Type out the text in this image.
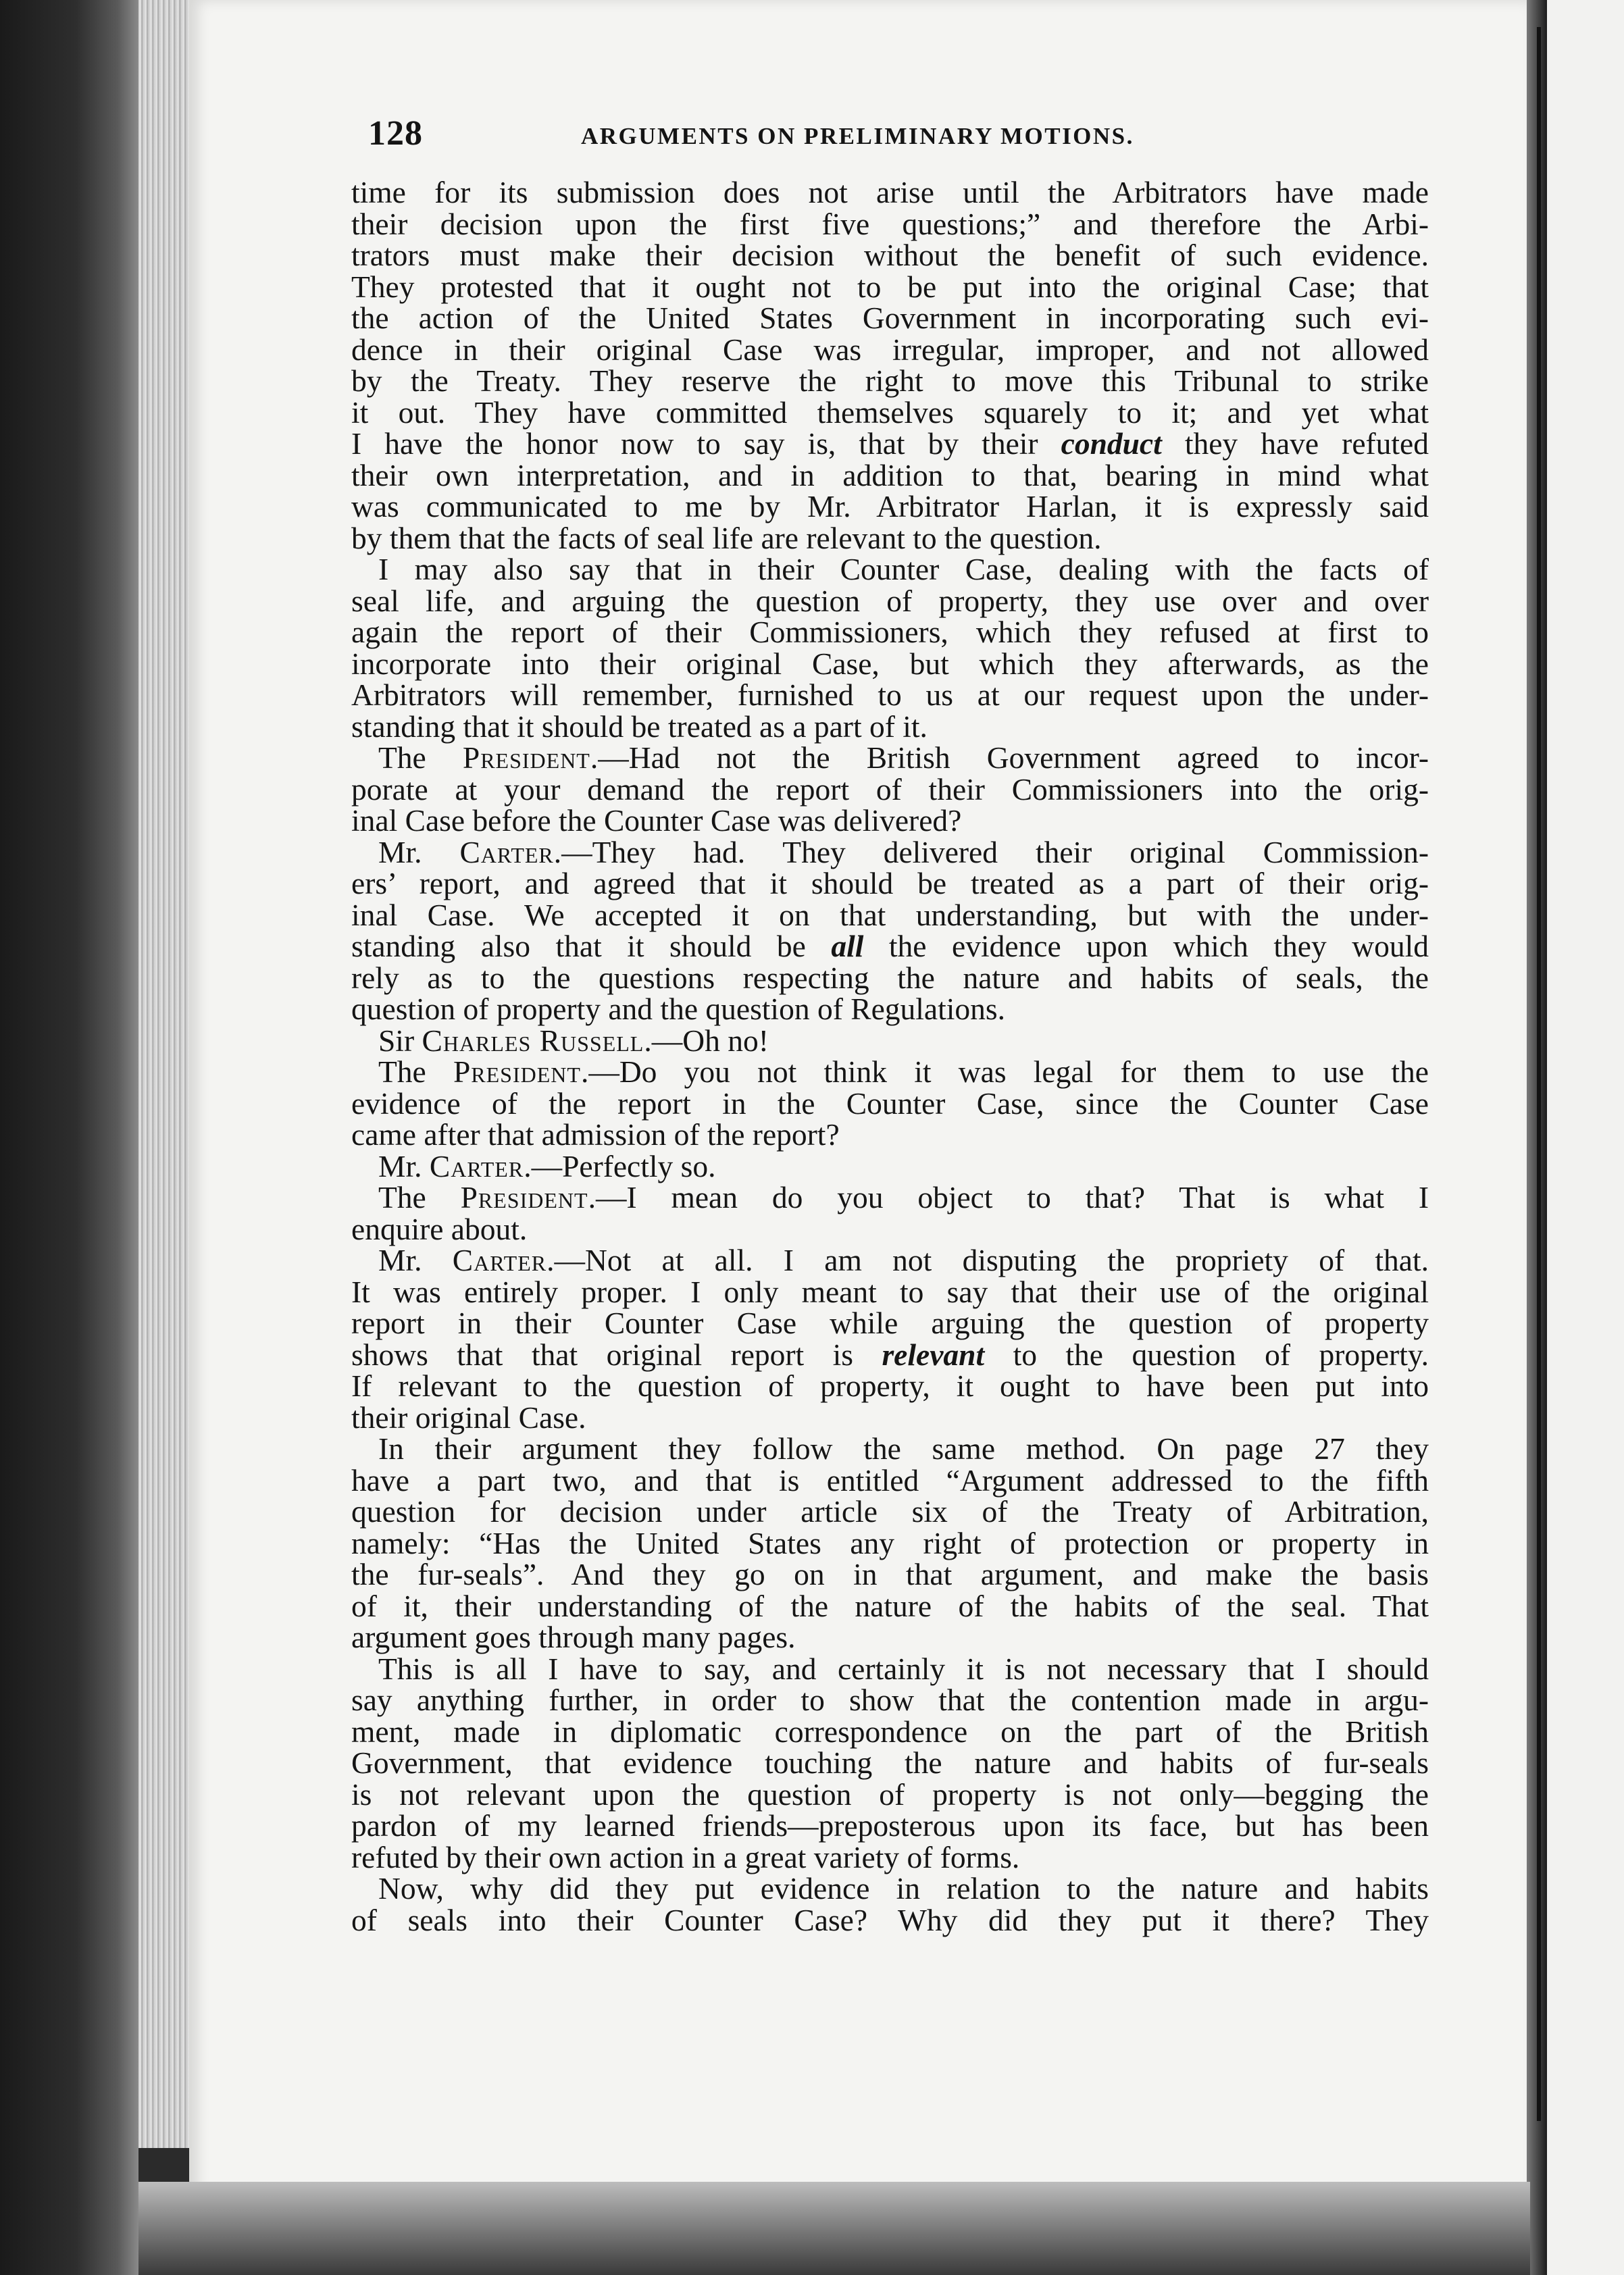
128	ARGUMENTS ON PRELIMINARY MOTIONS.
time for its submission does not arise until the Arbitrators have made
their decision upon the first five questions;” and therefore the Arbi-
trators must make their decision without the benefit of such evidence.
They protested that it ought not to be put into the original Case; that
the action of the United States Government in incorporating such evi-
dence in their original Case was irregular, improper, and not allowed
by the Treaty. They reserve the right to move this Tribunal to strike
it out. They have committed themselves squarely to it; and yet what
I have the honor now to say is, that by their conduct they have refuted
their own interpretation, and in addition to that, bearing in mind what
was communicated to me by Mr. Arbitrator Harlan, it is expressly said
by them that the facts of seal life are relevant to the question.
I may also say that in their Counter Case, dealing with the facts of
seal life, and arguing the question of property, they use over and over
again the report of their Commissioners, which they refused at first to
incorporate into their original Case, but which they afterwards, as the
Arbitrators will remember, furnished to us at our request upon the under-
standing that it should be treated as a part of it.
The President.—Had not the British Government agreed to incor-
porate at your demand the report of their Commissioners into the orig-
inal Case before the Counter Case was delivered?
Mr. Carter.—They had. They delivered their original Commission-
ers’ report, and agreed that it should be treated as a part of their orig-
inal Case. We accepted it on that understanding, but with the under-
standing also that it should be all the evidence upon which they would
rely as to the questions respecting the nature and habits of seals, the
question of property and the question of Regulations.
Sir Charles Russell.—Oh no!
The President.—Do you not think it was legal for them to use the
evidence of the report in the Counter Case, since the Counter Case
came after that admission of the report?
Mr. Carter.—Perfectly so.
The President.—I mean do you object to that? That is what I
enquire about.
Mr. Carter.—Not at all. I am not disputing the propriety of that.
It was entirely proper. I only meant to say that their use of the original
report in their Counter Case while arguing the question of property
shows that that original report is relevant to the question of property.
If relevant to the question of property, it ought to have been put into
their original Case.
In their argument they follow the same method. On page 27 they
have a part two, and that is entitled “Argument addressed to the fifth
question for decision under article six of the Treaty of Arbitration,
namely: “Has the United States any right of protection or property in
the fur-seals”. And they go on in that argument, and make the basis
of it, their understanding of the nature of the habits of the seal. That
argument goes through many pages.
This is all I have to say, and certainly it is not necessary that I should
say anything further, in order to show that the contention made in argu-
ment, made in diplomatic correspondence on the part of the British
Government, that evidence touching the nature and habits of fur-seals
is not relevant upon the question of property is not only—begging the
pardon of my learned friends—preposterous upon its face, but has been
refuted by their own action in a great variety of forms.
Now, why did they put evidence in relation to the nature and habits
of seals into their Counter Case? Why did they put it there? They
